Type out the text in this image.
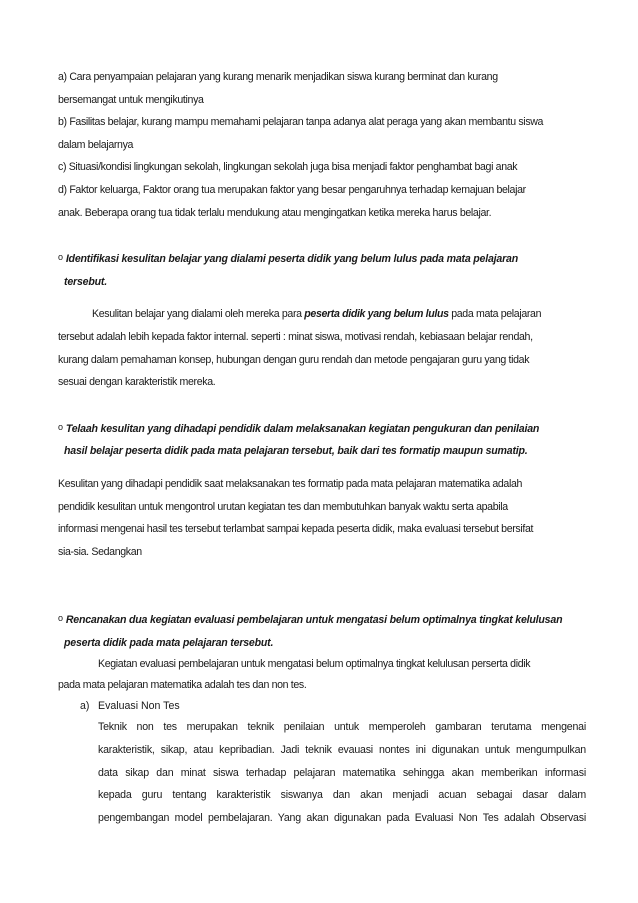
a) Cara penyampaian pelajaran yang kurang menarik menjadikan siswa kurang berminat dan kurang
bersemangat untuk mengikutinya

b) Fasilitas belajar, kurang mampu memahami pelajaran tanpa adanya alat peraga yang akan membantu siswa
dalam belajarnya

c) Situasi/kondisi lingkungan sekolah, lingkungan sekolah juga bisa menjadi faktor penghambat bagi anak

d) Faktor keluarga, Faktor orang tua merupakan faktor yang besar pengaruhnya terhadap kemajuan belajar
anak. Beberapa orang tua tidak terlalu mendukung atau mengingatkan ketika mereka harus belajar.

o Identifikasi kesulitan belajar yang dialami peserta didik yang belum lulus pada mata pelajaran
tersebut.

Kesulitan belajar yang dialami oleh mereka para peserta didik yang belum lulus pada mata pelajaran
tersebut adalah lebih kepada faktor internal. seperti : minat siswa, motivasi rendah, kebiasaan belajar rendah,
kurang dalam pemahaman konsep, hubungan dengan guru rendah dan metode pengajaran guru yang tidak
sesuai dengan karakteristik mereka.

o Telaah kesulitan yang dihadapi pendidik dalam melaksanakan kegiatan pengukuran dan penilaian
hasil belajar peserta didik pada mata pelajaran tersebut, baik dari tes formatip maupun sumatip.

Kesulitan yang dihadapi pendidik saat melaksanakan tes formatip pada mata pelajaran matematika adalah
pendidik kesulitan untuk mengontrol urutan kegiatan tes dan membutuhkan banyak waktu serta apabila
informasi mengenai hasil tes tersebut terlambat sampai kepada peserta didik, maka evaluasi tersebut bersifat
sia-sia. Sedangkan

o Rencanakan dua kegiatan evaluasi pembelajaran untuk mengatasi belum optimalnya tingkat kelulusan
peserta didik pada mata pelajaran tersebut.

Kegiatan evaluasi pembelajaran untuk mengatasi belum optimalnya tingkat kelulusan perserta didik
pada mata pelajaran matematika adalah tes dan non tes.

a) Evaluasi Non Tes

Teknik non tes merupakan teknik penilaian untuk memperoleh gambaran terutama mengenai
karakteristik, sikap, atau kepribadian. Jadi teknik evauasi nontes ini digunakan untuk mengumpulkan
data sikap dan minat siswa terhadap pelajaran matematika sehingga akan memberikan informasi
kepada guru tentang karakteristik siswanya dan akan menjadi acuan sebagai dasar dalam
pengembangan model pembelajaran. Yang akan digunakan pada Evaluasi Non Tes adalah Observasi
